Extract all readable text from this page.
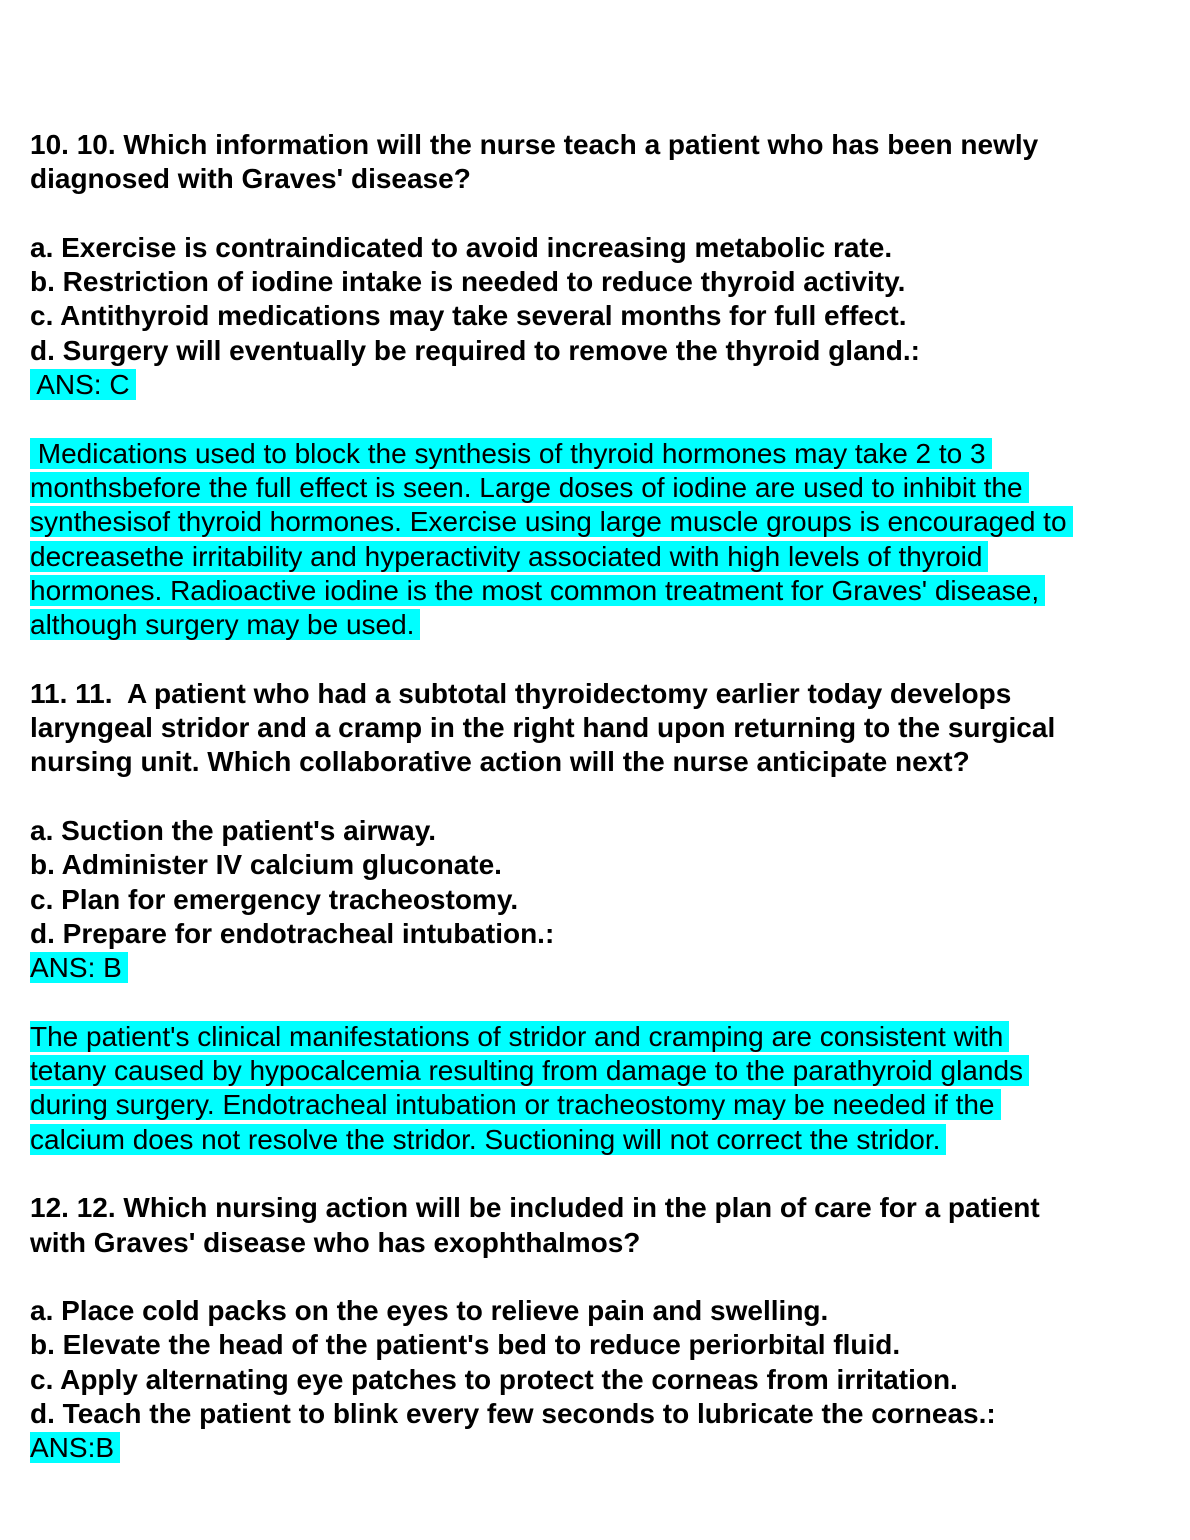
10. 10. Which information will the nurse teach a patient who has been newly
diagnosed with Graves' disease?
a. Exercise is contraindicated to avoid increasing metabolic rate.
b. Restriction of iodine intake is needed to reduce thyroid activity.
c. Antithyroid medications may take several months for full effect.
d. Surgery will eventually be required to remove the thyroid gland.:
ANS: C
Medications used to block the synthesis of thyroid hormones may take 2 to 3
monthsbefore the full effect is seen. Large doses of iodine are used to inhibit the
synthesisof thyroid hormones. Exercise using large muscle groups is encouraged to
decreasethe irritability and hyperactivity associated with high levels of thyroid
hormones. Radioactive iodine is the most common treatment for Graves' disease,
although surgery may be used.
11. 11.  A patient who had a subtotal thyroidectomy earlier today develops
laryngeal stridor and a cramp in the right hand upon returning to the surgical
nursing unit. Which collaborative action will the nurse anticipate next?
a. Suction the patient's airway.
b. Administer IV calcium gluconate.
c. Plan for emergency tracheostomy.
d. Prepare for endotracheal intubation.:
ANS: B
The patient's clinical manifestations of stridor and cramping are consistent with
tetany caused by hypocalcemia resulting from damage to the parathyroid glands
during surgery. Endotracheal intubation or tracheostomy may be needed if the
calcium does not resolve the stridor. Suctioning will not correct the stridor.
12. 12. Which nursing action will be included in the plan of care for a patient
with Graves' disease who has exophthalmos?
a. Place cold packs on the eyes to relieve pain and swelling.
b. Elevate the head of the patient's bed to reduce periorbital fluid.
c. Apply alternating eye patches to protect the corneas from irritation.
d. Teach the patient to blink every few seconds to lubricate the corneas.:
ANS:B
